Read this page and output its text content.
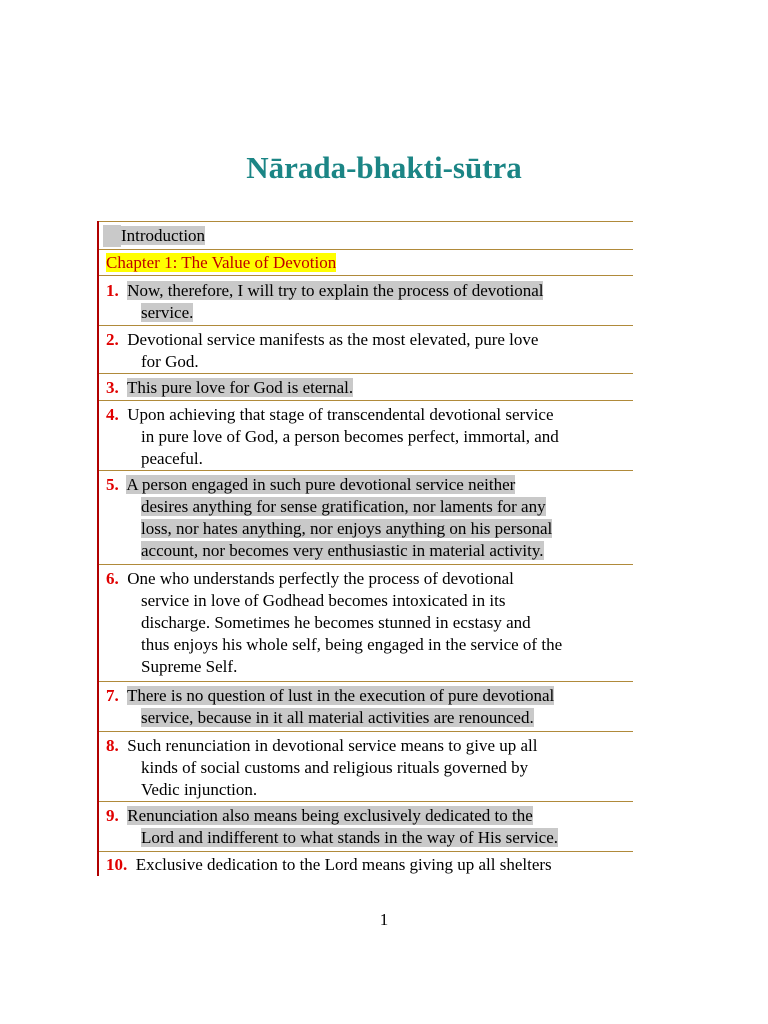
Nārada-bhakti-sūtra
Introduction
Chapter 1: The Value of Devotion
1. Now, therefore, I will try to explain the process of devotional
service.
2. Devotional service manifests as the most elevated, pure love
for God.
3. This pure love for God is eternal.
4. Upon achieving that stage of transcendental devotional service
in pure love of God, a person becomes perfect, immortal, and
peaceful.
5. A person engaged in such pure devotional service neither
desires anything for sense gratification, nor laments for any
loss, nor hates anything, nor enjoys anything on his personal
account, nor becomes very enthusiastic in material activity.
6. One who understands perfectly the process of devotional
service in love of Godhead becomes intoxicated in its
discharge. Sometimes he becomes stunned in ecstasy and
thus enjoys his whole self, being engaged in the service of the
Supreme Self.
7. There is no question of lust in the execution of pure devotional
service, because in it all material activities are renounced.
8. Such renunciation in devotional service means to give up all
kinds of social customs and religious rituals governed by
Vedic injunction.
9. Renunciation also means being exclusively dedicated to the
Lord and indifferent to what stands in the way of His service.
10. Exclusive dedication to the Lord means giving up all shelters
1
